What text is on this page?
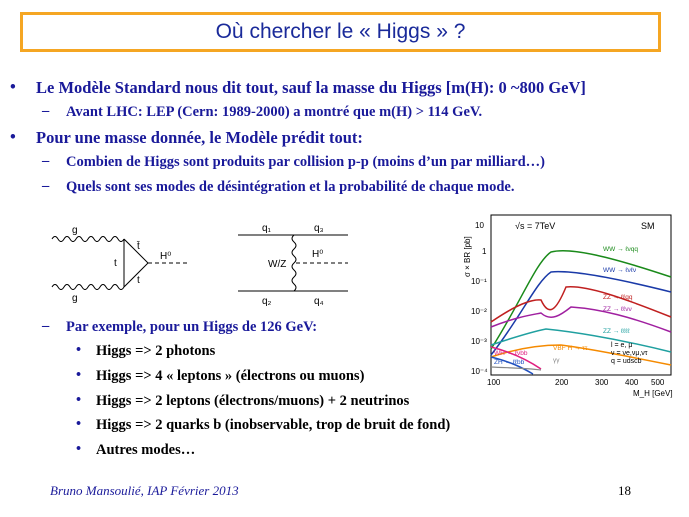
Où chercher le « Higgs » ?
•
–
•
–
–
–
•
•
•
•
•
Le Modèle Standard nous dit tout, sauf la masse du Higgs [m(H): 0 ~800 GeV]
Avant LHC: LEP (Cern: 1989-2000) a montré que m(H) > 114 GeV.
Pour une masse donnée, le Modèle prédit tout:
Combien de Higgs sont produits par collision p-p (moins d’un par milliard…)
Quels sont ses modes de désintégration et la probabilité de chaque mode.
Par exemple, pour un Higgs de 126 GeV:
Higgs => 2 photons
Higgs => 4 « leptons » (électrons ou muons)
Higgs => 2 leptons (électrons/muons) + 2 neutrinos
Higgs => 2 quarks b (inobservable, trop de bruit de fond)
Autres modes…
g
g
t
t̄
t
H⁰
q₁	q₃
q₂	q₄
W/Z
H⁰
10
1
10⁻¹
10⁻²
10⁻³
10⁻⁴
100	200	300 400 500
M_H [GeV]
σ × BR [pb]
√s = 7TeV	SM
WW → ℓνqq
WW → ℓνℓν
ZZ → ℓℓqq
ZZ → ℓℓνν
ZZ → ℓℓℓℓ
VBF H → ττ
WH → ℓνbb
ZH → ℓℓbb	γγ
l = e, μ
ν = νe,νμ,ντ
q = udscb
Bruno Mansoulié, IAP Février 2013	18
